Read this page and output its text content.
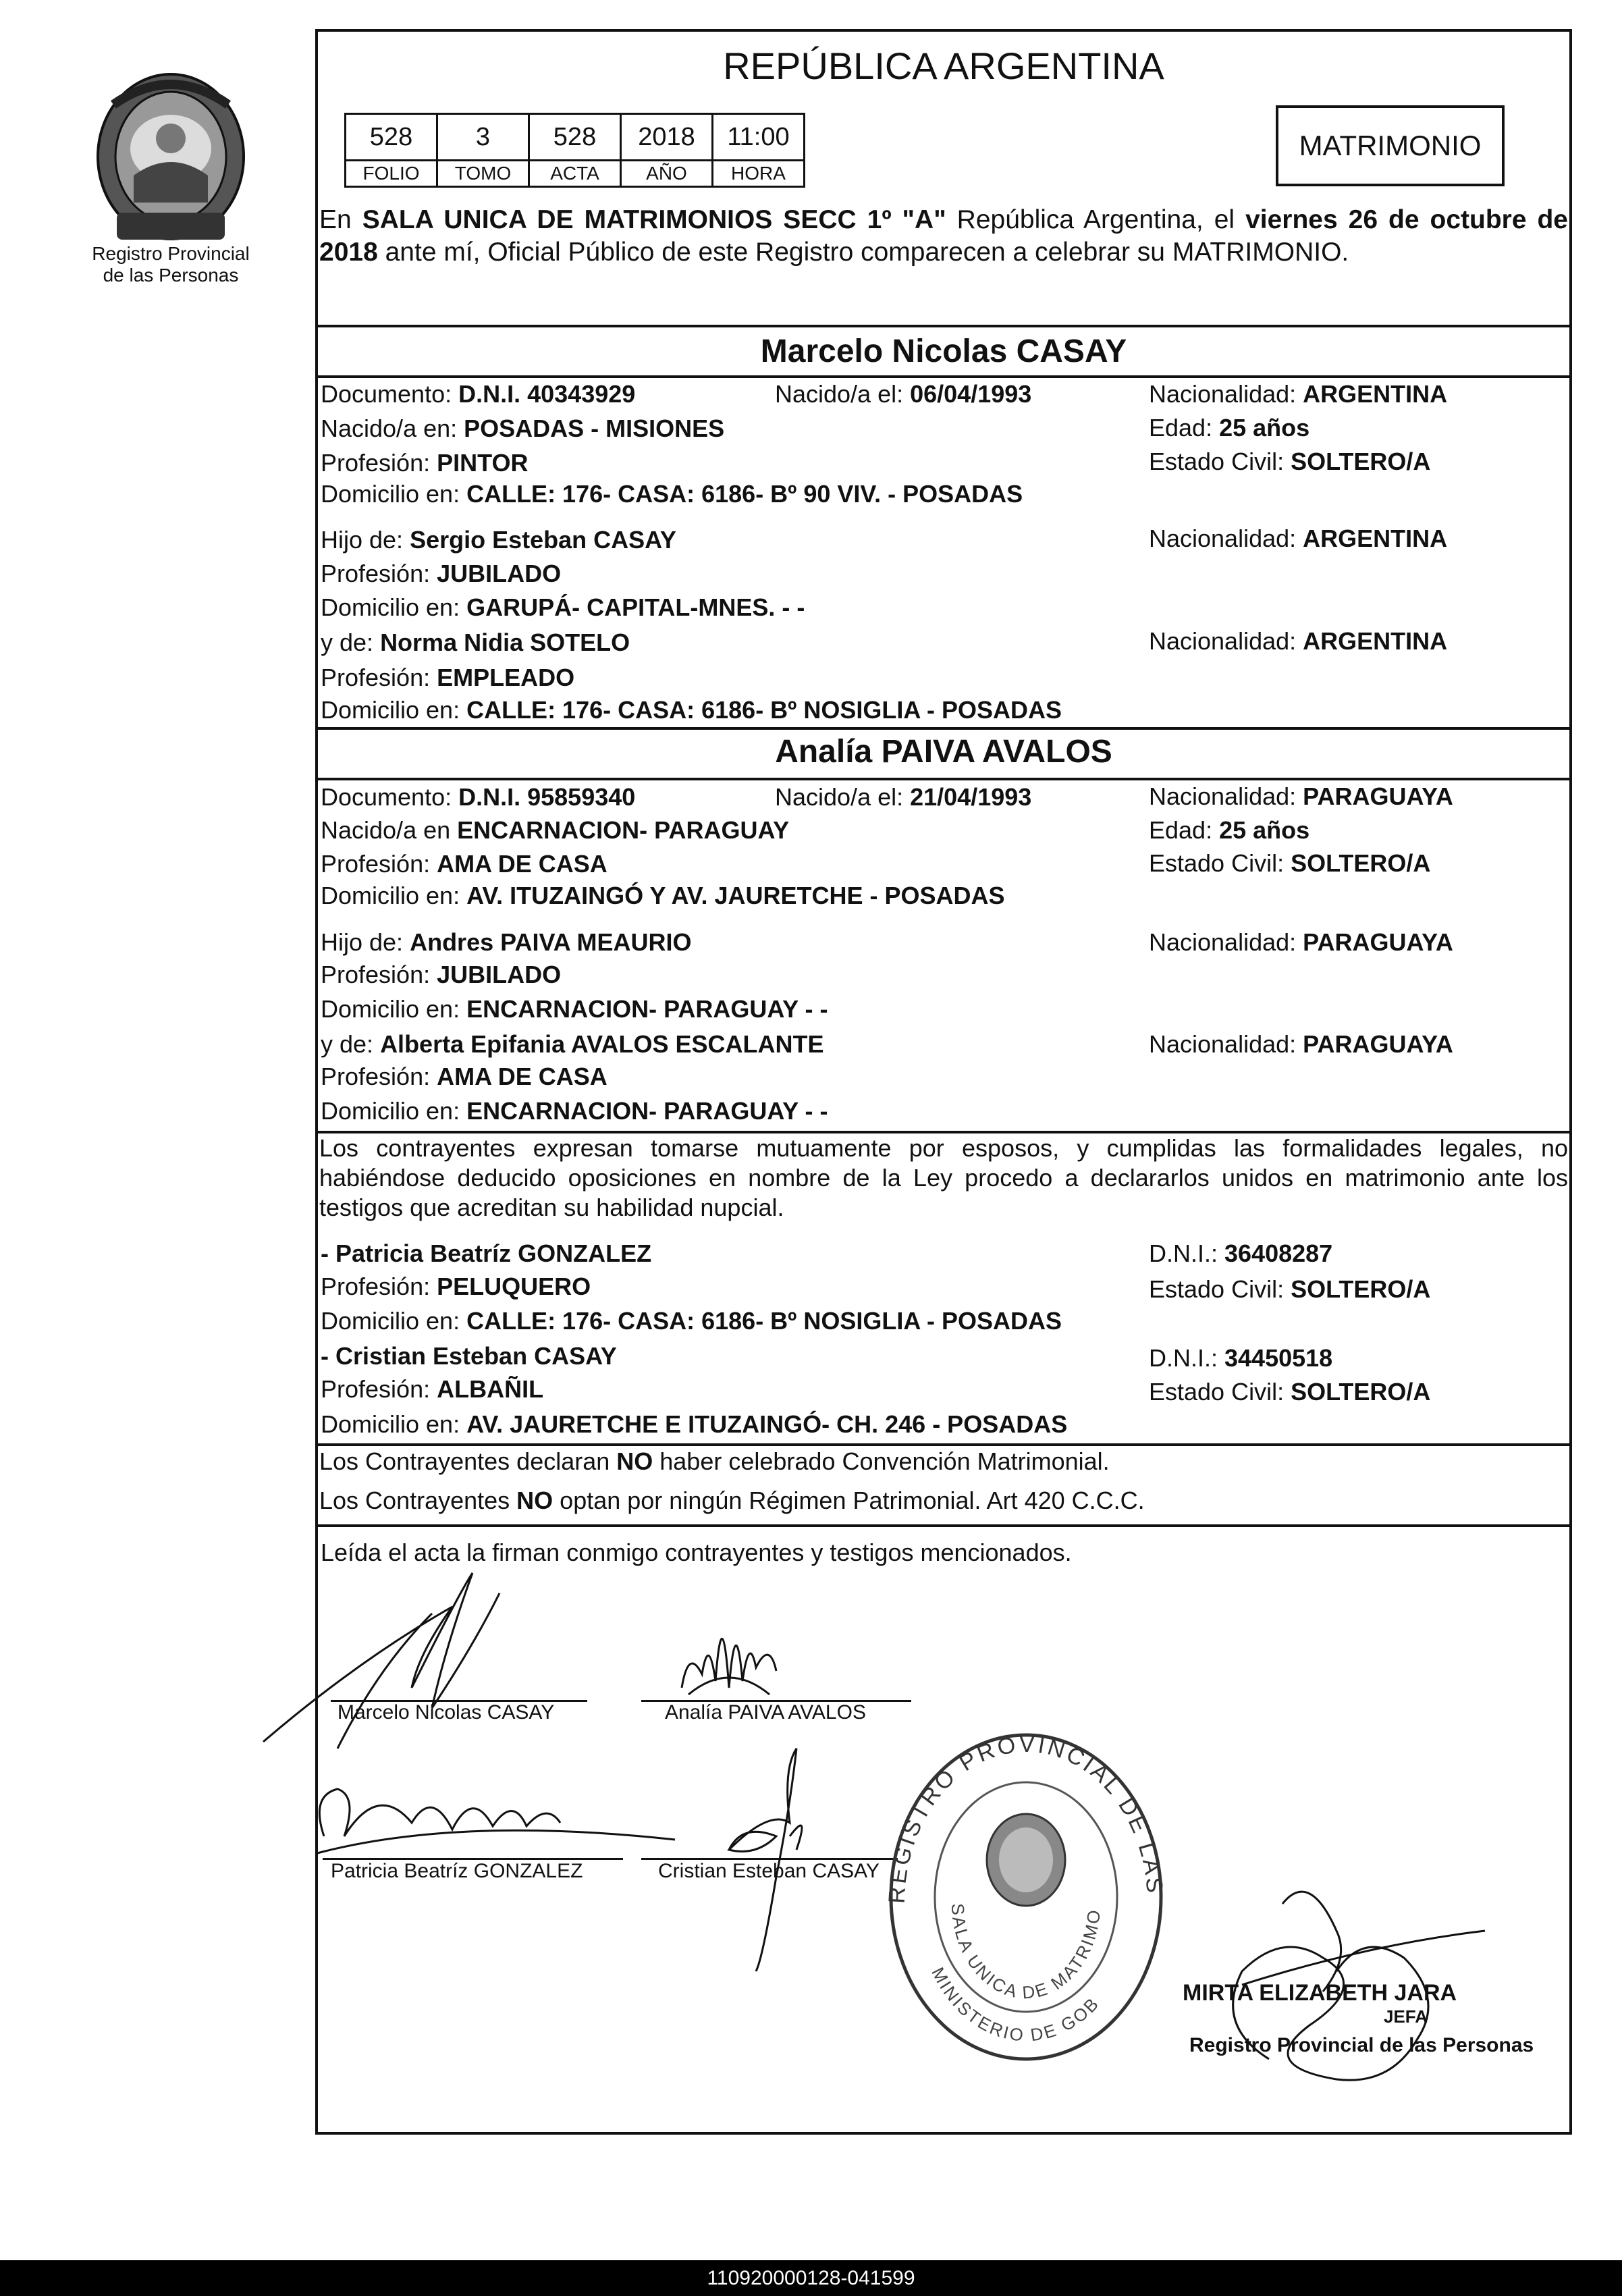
Registro Provincial
de las Personas
REPÚBLICA ARGENTINA
528	3	528	2018	11:00
FOLIO	TOMO	ACTA	AÑO	HORA
MATRIMONIO
En SALA UNICA DE MATRIMONIOS SECC 1º "A" República Argentina, el viernes 26 de octubre de 2018 ante mí, Oficial Público de este Registro comparecen a celebrar su MATRIMONIO.
Marcelo Nicolas CASAY
Documento: D.N.I. 40343929	Nacido/a el: 06/04/1993	Nacionalidad: ARGENTINA
Nacido/a en: POSADAS - MISIONES	Edad: 25 años
Profesión: PINTOR	Estado Civil: SOLTERO/A
Domicilio en: CALLE: 176- CASA: 6186- Bº 90 VIV. - POSADAS
Hijo de: Sergio Esteban CASAY	Nacionalidad: ARGENTINA
Profesión: JUBILADO
Domicilio en: GARUPÁ- CAPITAL-MNES. - -
y de: Norma Nidia SOTELO	Nacionalidad: ARGENTINA
Profesión: EMPLEADO
Domicilio en: CALLE: 176- CASA: 6186- Bº NOSIGLIA - POSADAS
Analía PAIVA AVALOS
Documento: D.N.I. 95859340	Nacido/a el: 21/04/1993	Nacionalidad: PARAGUAYA
Nacido/a en ENCARNACION- PARAGUAY	Edad: 25 años
Profesión: AMA DE CASA	Estado Civil: SOLTERO/A
Domicilio en: AV. ITUZAINGÓ Y AV. JAURETCHE - POSADAS
Hijo de: Andres PAIVA MEAURIO	Nacionalidad: PARAGUAYA
Profesión: JUBILADO
Domicilio en: ENCARNACION- PARAGUAY - -
y de: Alberta Epifania AVALOS ESCALANTE	Nacionalidad: PARAGUAYA
Profesión: AMA DE CASA
Domicilio en: ENCARNACION- PARAGUAY - -
Los contrayentes expresan tomarse mutuamente por esposos, y cumplidas las formalidades legales, no habiéndose deducido oposiciones en nombre de la Ley procedo a declararlos unidos en matrimonio ante los testigos que acreditan su habilidad nupcial.
- Patricia Beatríz GONZALEZ	D.N.I.: 36408287
Profesión: PELUQUERO	Estado Civil: SOLTERO/A
Domicilio en: CALLE: 176- CASA: 6186- Bº NOSIGLIA - POSADAS
- Cristian Esteban CASAY	D.N.I.: 34450518
Profesión: ALBAÑIL	Estado Civil: SOLTERO/A
Domicilio en: AV. JAURETCHE E ITUZAINGÓ- CH. 246 - POSADAS
Los Contrayentes declaran NO haber celebrado Convención Matrimonial.
Los Contrayentes NO optan por ningún Régimen Patrimonial. Art 420 C.C.C.
Leída el acta la firman conmigo contrayentes y testigos mencionados.
Marcelo Nicolas CASAY	Analía PAIVA AVALOS
Patricia Beatríz GONZALEZ	Cristian Esteban CASAY
REGISTRO PROVINCIAL DE LAS
SALA UNICA DE MATRIMO
MINISTERIO DE GOB	MIRTA ELIZABETH JARA
JEFA
Registro Provincial de las Personas
110920000128-041599
